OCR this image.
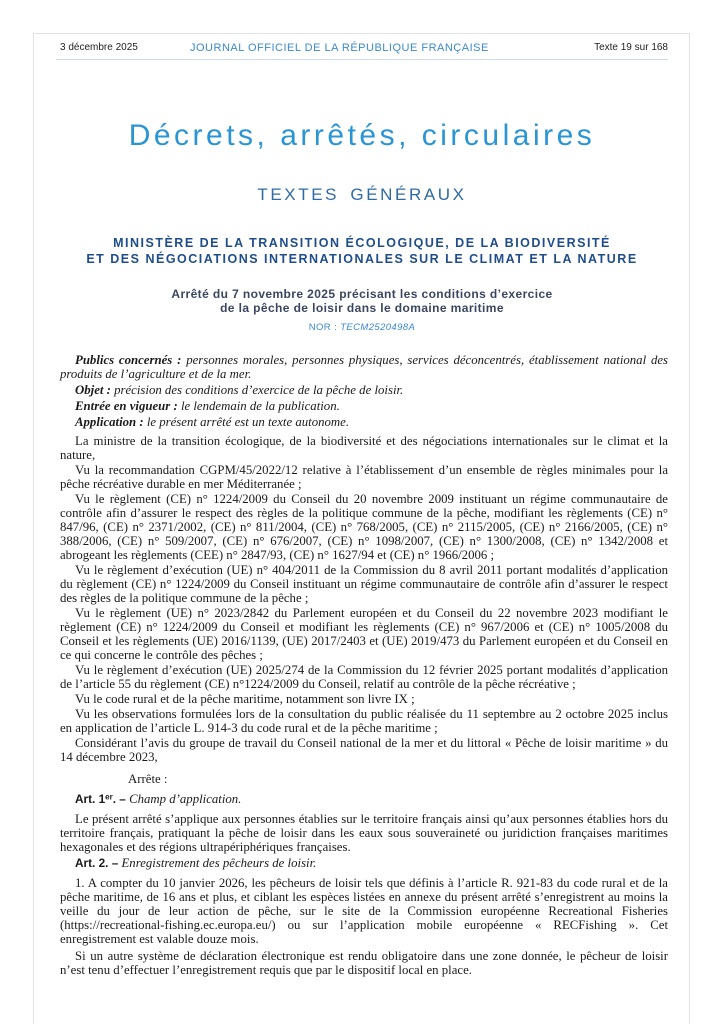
3 décembre 2025	JOURNAL OFFICIEL DE LA RÉPUBLIQUE FRANÇAISE	Texte 19 sur 168
Décrets, arrêtés, circulaires
TEXTES GÉNÉRAUX
MINISTÈRE DE LA TRANSITION ÉCOLOGIQUE, DE LA BIODIVERSITÉ
ET DES NÉGOCIATIONS INTERNATIONALES SUR LE CLIMAT ET LA NATURE
Arrêté du 7 novembre 2025 précisant les conditions d’exercice
de la pêche de loisir dans le domaine maritime
NOR : TECM2520498A

Publics concernés : personnes morales, personnes physiques, services déconcentrés, établissement national des produits de l’agriculture et de la mer.

Objet : précision des conditions d’exercice de la pêche de loisir.

Entrée en vigueur : le lendemain de la publication.

Application : le présent arrêté est un texte autonome.

La ministre de la transition écologique, de la biodiversité et des négociations internationales sur le climat et la nature,

Vu la recommandation CGPM/45/2022/12 relative à l’établissement d’un ensemble de règles minimales pour la pêche récréative durable en mer Méditerranée ;

Vu le règlement (CE) n° 1224/2009 du Conseil du 20 novembre 2009 instituant un régime communautaire de contrôle afin d’assurer le respect des règles de la politique commune de la pêche, modifiant les règlements (CE) n° 847/96, (CE) n° 2371/2002, (CE) n° 811/2004, (CE) n° 768/2005, (CE) n° 2115/2005, (CE) n° 2166/2005, (CE) n° 388/2006, (CE) n° 509/2007, (CE) n° 676/2007, (CE) n° 1098/2007, (CE) n° 1300/2008, (CE) n° 1342/2008 et abrogeant les règlements (CEE) n° 2847/93, (CE) n° 1627/94 et (CE) n° 1966/2006 ;

Vu le règlement d’exécution (UE) n° 404/2011 de la Commission du 8 avril 2011 portant modalités d’application du règlement (CE) n° 1224/2009 du Conseil instituant un régime communautaire de contrôle afin d’assurer le respect des règles de la politique commune de la pêche ;

Vu le règlement (UE) n° 2023/2842 du Parlement européen et du Conseil du 22 novembre 2023 modifiant le règlement (CE) n° 1224/2009 du Conseil et modifiant les règlements (CE) n° 967/2006 et (CE) n° 1005/2008 du Conseil et les règlements (UE) 2016/1139, (UE) 2017/2403 et (UE) 2019/473 du Parlement européen et du Conseil en ce qui concerne le contrôle des pêches ;

Vu le règlement d’exécution (UE) 2025/274 de la Commission du 12 février 2025 portant modalités d’application de l’article 55 du règlement (CE) n°1224/2009 du Conseil, relatif au contrôle de la pêche récréative ;

Vu le code rural et de la pêche maritime, notamment son livre IX ;

Vu les observations formulées lors de la consultation du public réalisée du 11 septembre au 2 octobre 2025 inclus en application de l’article L. 914-3 du code rural et de la pêche maritime ;

Considérant l’avis du groupe de travail du Conseil national de la mer et du littoral « Pêche de loisir maritime » du 14 décembre 2023,

Arrête :

Art. 1er. – Champ d’application.

Le présent arrêté s’applique aux personnes établies sur le territoire français ainsi qu’aux personnes établies hors du territoire français, pratiquant la pêche de loisir dans les eaux sous souveraineté ou juridiction françaises maritimes hexagonales et des régions ultrapériphériques françaises.

Art. 2. – Enregistrement des pêcheurs de loisir.

1. A compter du 10 janvier 2026, les pêcheurs de loisir tels que définis à l’article R. 921-83 du code rural et de la pêche maritime, de 16 ans et plus, et ciblant les espèces listées en annexe du présent arrêté s’enregistrent au moins la veille du jour de leur action de pêche, sur le site de la Commission européenne Recreational Fisheries (https://recreational-fishing.ec.europa.eu/) ou sur l’application mobile européenne « RECFishing ». Cet enregistrement est valable douze mois.

Si un autre système de déclaration électronique est rendu obligatoire dans une zone donnée, le pêcheur de loisir n’est tenu d’effectuer l’enregistrement requis que par le dispositif local en place.
